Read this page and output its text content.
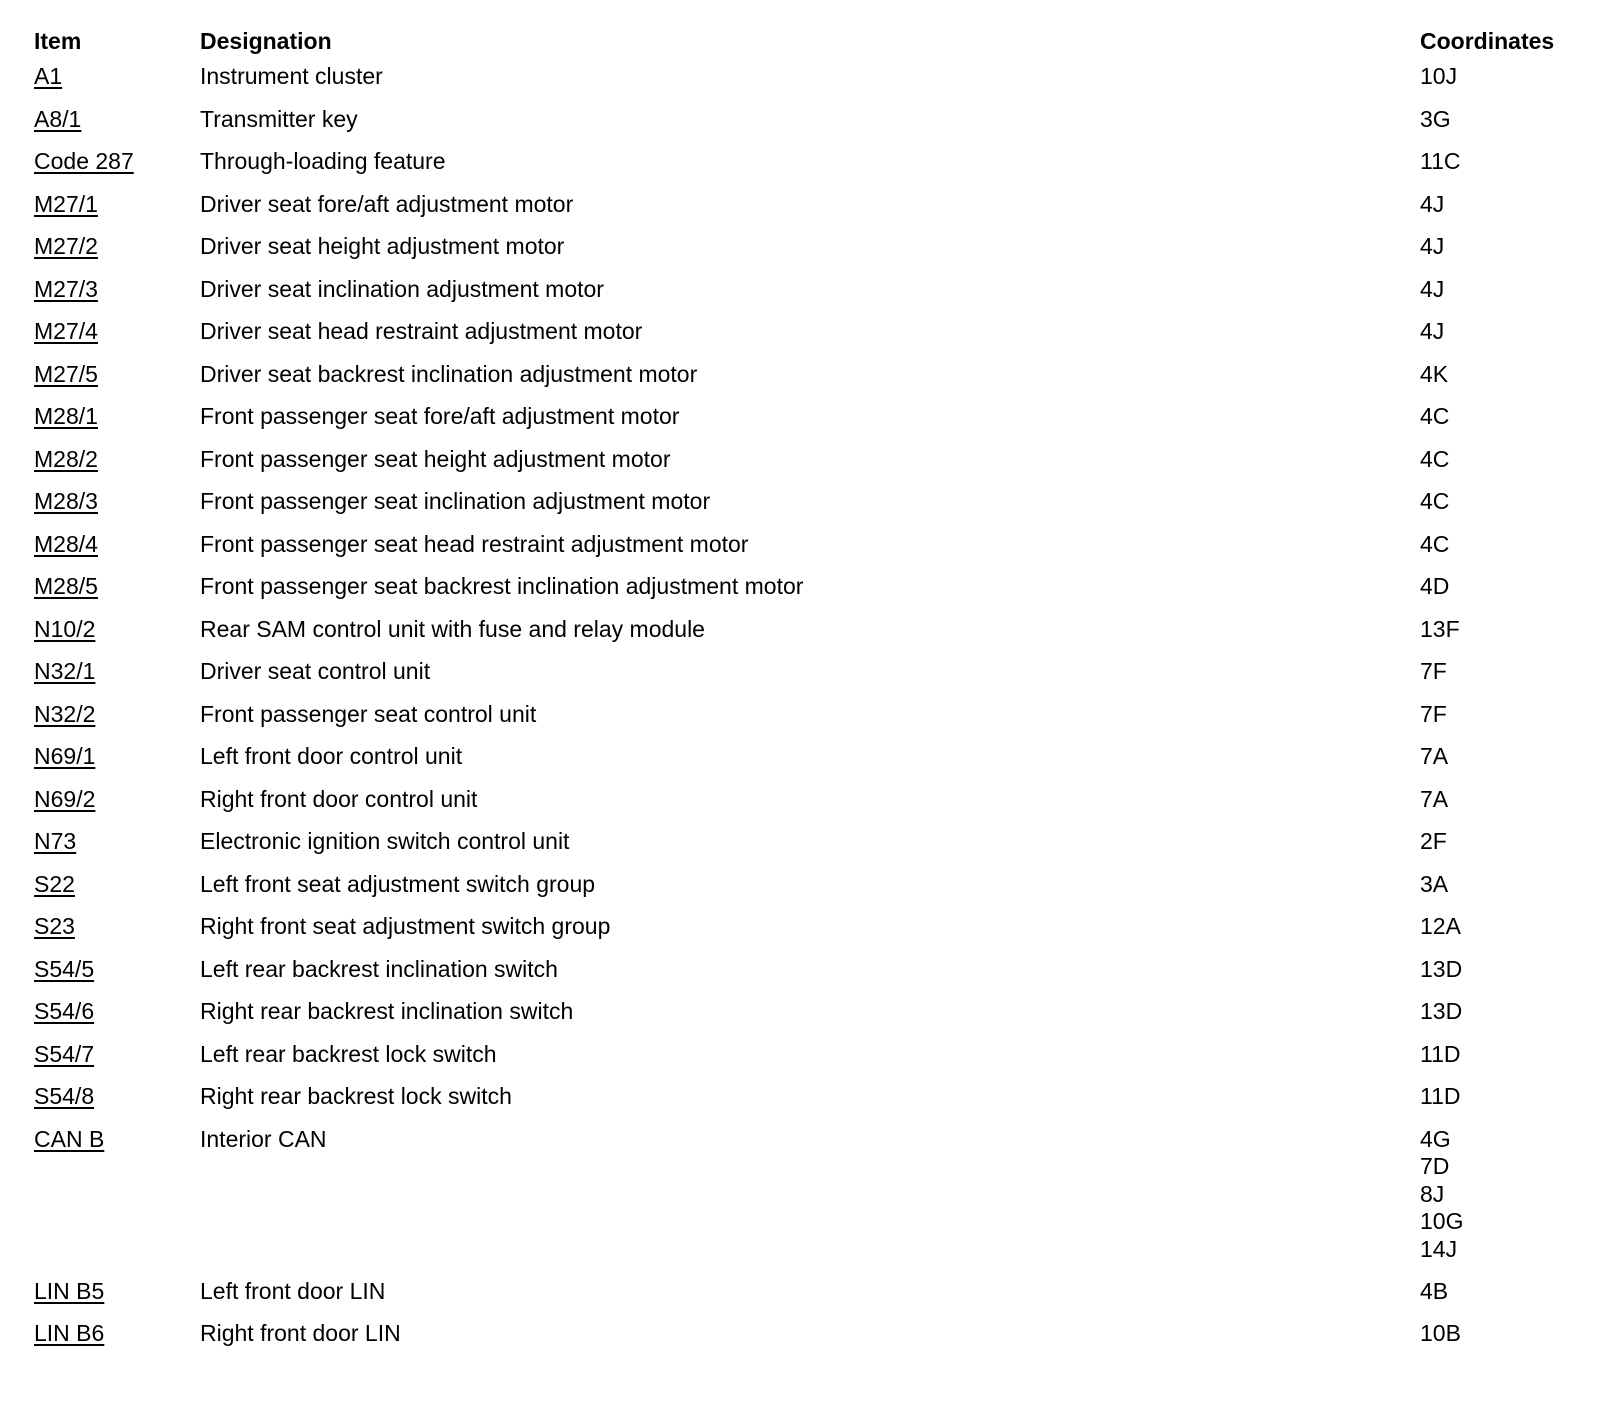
Item	Designation	Coordinates
A1	Instrument cluster	10J

A8/1	Transmitter key	3G

Code 287	Through-loading feature	11C

M27/1	Driver seat fore/aft adjustment motor	4J

M27/2	Driver seat height adjustment motor	4J

M27/3	Driver seat inclination adjustment motor	4J

M27/4	Driver seat head restraint adjustment motor	4J

M27/5	Driver seat backrest inclination adjustment motor	4K

M28/1	Front passenger seat fore/aft adjustment motor	4C

M28/2	Front passenger seat height adjustment motor	4C

M28/3	Front passenger seat inclination adjustment motor	4C

M28/4	Front passenger seat head restraint adjustment motor	4C

M28/5	Front passenger seat backrest inclination adjustment motor	4D

N10/2	Rear SAM control unit with fuse and relay module	13F

N32/1	Driver seat control unit	7F

N32/2	Front passenger seat control unit	7F

N69/1	Left front door control unit	7A

N69/2	Right front door control unit	7A

N73	Electronic ignition switch control unit	2F

S22	Left front seat adjustment switch group	3A

S23	Right front seat adjustment switch group	12A

S54/5	Left rear backrest inclination switch	13D

S54/6	Right rear backrest inclination switch	13D

S54/7	Left rear backrest lock switch	11D

S54/8	Right rear backrest lock switch	11D

CAN B	Interior CAN	4G
7D
8J
10G
14J

LIN B5	Left front door LIN	4B

LIN B6	Right front door LIN	10B
